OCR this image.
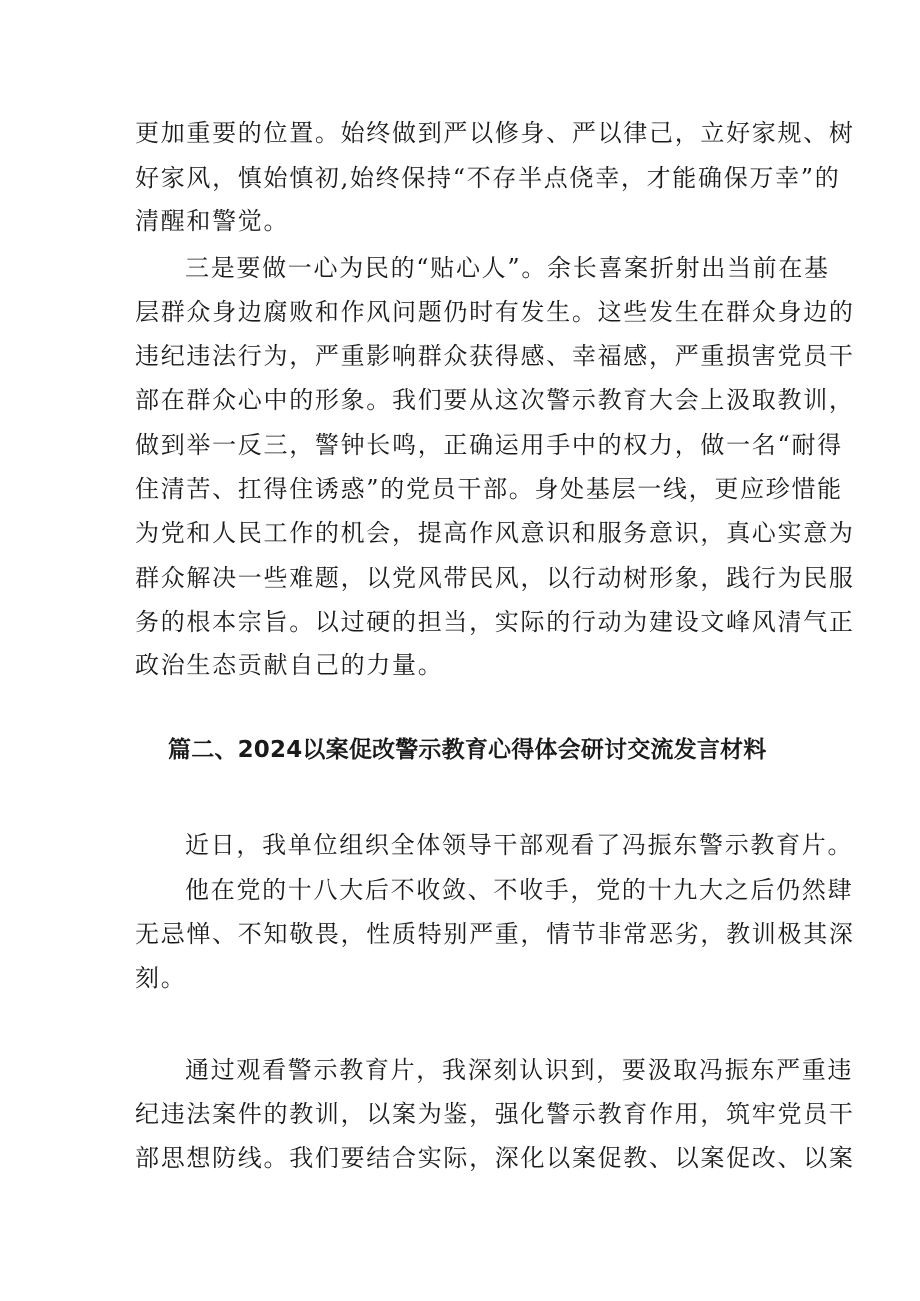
更加重要的位置。始终做到严以修身、严以律己，立好家规、树
好家风，慎始慎初,始终保持“不存半点侥幸，才能确保万幸”的
清醒和警觉。
三是要做一心为民的“贴心人”。余长喜案折射出当前在基
层群众身边腐败和作风问题仍时有发生。这些发生在群众身边的
违纪违法行为，严重影响群众获得感、幸福感，严重损害党员干
部在群众心中的形象。我们要从这次警示教育大会上汲取教训，
做到举一反三，警钟长鸣，正确运用手中的权力，做一名“耐得
住清苦、扛得住诱惑”的党员干部。身处基层一线，更应珍惜能
为党和人民工作的机会，提高作风意识和服务意识，真心实意为
群众解决一些难题，以党风带民风，以行动树形象，践行为民服
务的根本宗旨。以过硬的担当，实际的行动为建设文峰风清气正
政治生态贡献自己的力量。
篇二、2024以案促改警示教育心得体会研讨交流发言材料
近日，我单位组织全体领导干部观看了冯振东警示教育片。
他在党的十八大后不收敛、不收手，党的十九大之后仍然肆
无忌惮、不知敬畏，性质特别严重，情节非常恶劣，教训极其深
刻。
通过观看警示教育片，我深刻认识到，要汲取冯振东严重违
纪违法案件的教训，以案为鉴，强化警示教育作用，筑牢党员干
部思想防线。我们要结合实际，深化以案促教、以案促改、以案
